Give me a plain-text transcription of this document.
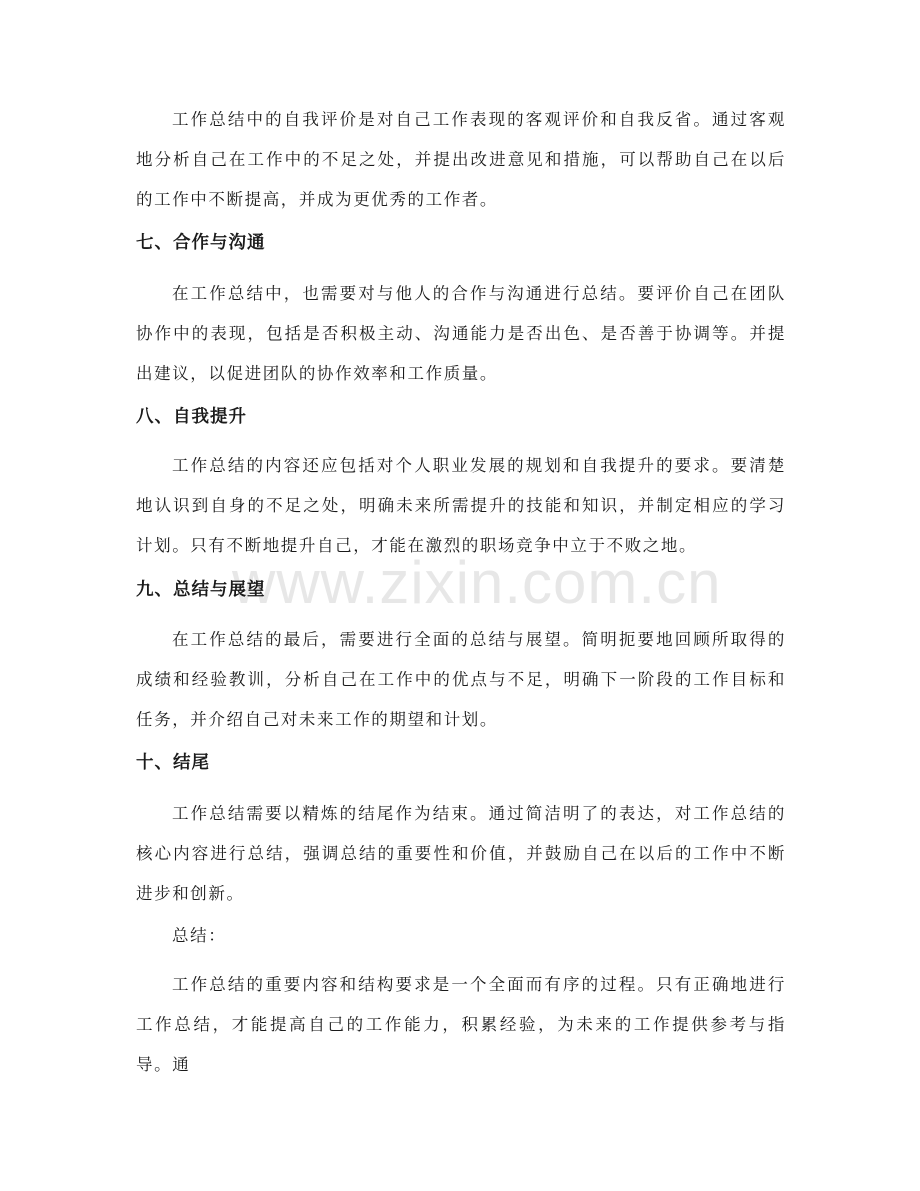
www.zixin.com.cn

工作总结中的自我评价是对自己工作表现的客观评价和自我反省。通过客观地分析自己在工作中的不足之处，并提出改进意见和措施，可以帮助自己在以后的工作中不断提高，并成为更优秀的工作者。

七、合作与沟通

在工作总结中，也需要对与他人的合作与沟通进行总结。要评价自己在团队协作中的表现，包括是否积极主动、沟通能力是否出色、是否善于协调等。并提出建议，以促进团队的协作效率和工作质量。

八、自我提升

工作总结的内容还应包括对个人职业发展的规划和自我提升的要求。要清楚地认识到自身的不足之处，明确未来所需提升的技能和知识，并制定相应的学习计划。只有不断地提升自己，才能在激烈的职场竞争中立于不败之地。

九、总结与展望

在工作总结的最后，需要进行全面的总结与展望。简明扼要地回顾所取得的成绩和经验教训，分析自己在工作中的优点与不足，明确下一阶段的工作目标和任务，并介绍自己对未来工作的期望和计划。

十、结尾

工作总结需要以精炼的结尾作为结束。通过简洁明了的表达，对工作总结的核心内容进行总结，强调总结的重要性和价值，并鼓励自己在以后的工作中不断进步和创新。

总结：

工作总结的重要内容和结构要求是一个全面而有序的过程。只有正确地进行工作总结，才能提高自己的工作能力，积累经验，为未来的工作提供参考与指导。通
